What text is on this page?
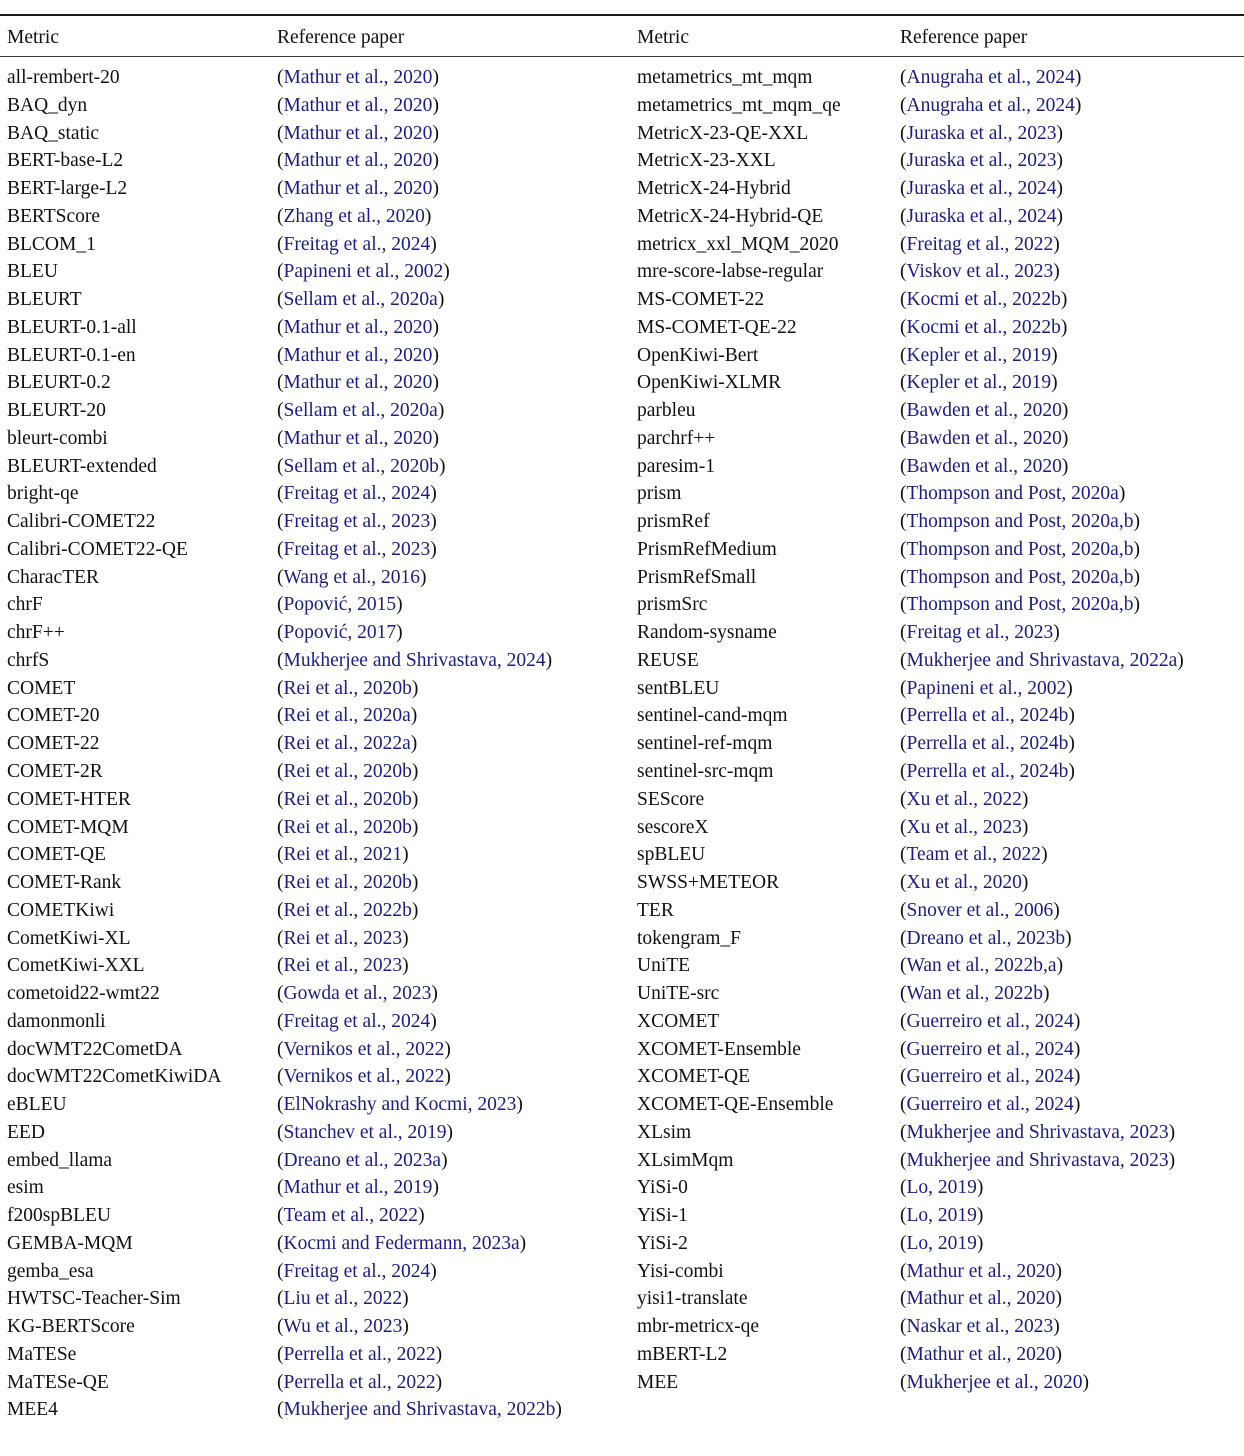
Metric	Reference paper	Metric	Reference paper
all-rembert-20	(Mathur et al., 2020)	metametrics_mt_mqm	(Anugraha et al., 2024)
BAQ_dyn	(Mathur et al., 2020)	metametrics_mt_mqm_qe	(Anugraha et al., 2024)
BAQ_static	(Mathur et al., 2020)	MetricX-23-QE-XXL	(Juraska et al., 2023)
BERT-base-L2	(Mathur et al., 2020)	MetricX-23-XXL	(Juraska et al., 2023)
BERT-large-L2	(Mathur et al., 2020)	MetricX-24-Hybrid	(Juraska et al., 2024)
BERTScore	(Zhang et al., 2020)	MetricX-24-Hybrid-QE	(Juraska et al., 2024)
BLCOM_1	(Freitag et al., 2024)	metricx_xxl_MQM_2020	(Freitag et al., 2022)
BLEU	(Papineni et al., 2002)	mre-score-labse-regular	(Viskov et al., 2023)
BLEURT	(Sellam et al., 2020a)	MS-COMET-22	(Kocmi et al., 2022b)
BLEURT-0.1-all	(Mathur et al., 2020)	MS-COMET-QE-22	(Kocmi et al., 2022b)
BLEURT-0.1-en	(Mathur et al., 2020)	OpenKiwi-Bert	(Kepler et al., 2019)
BLEURT-0.2	(Mathur et al., 2020)	OpenKiwi-XLMR	(Kepler et al., 2019)
BLEURT-20	(Sellam et al., 2020a)	parbleu	(Bawden et al., 2020)
bleurt-combi	(Mathur et al., 2020)	parchrf++	(Bawden et al., 2020)
BLEURT-extended	(Sellam et al., 2020b)	paresim-1	(Bawden et al., 2020)
bright-qe	(Freitag et al., 2024)	prism	(Thompson and Post, 2020a)
Calibri-COMET22	(Freitag et al., 2023)	prismRef	(Thompson and Post, 2020a,b)
Calibri-COMET22-QE	(Freitag et al., 2023)	PrismRefMedium	(Thompson and Post, 2020a,b)
CharacTER	(Wang et al., 2016)	PrismRefSmall	(Thompson and Post, 2020a,b)
chrF	(Popović, 2015)	prismSrc	(Thompson and Post, 2020a,b)
chrF++	(Popović, 2017)	Random-sysname	(Freitag et al., 2023)
chrfS	(Mukherjee and Shrivastava, 2024)	REUSE	(Mukherjee and Shrivastava, 2022a)
COMET	(Rei et al., 2020b)	sentBLEU	(Papineni et al., 2002)
COMET-20	(Rei et al., 2020a)	sentinel-cand-mqm	(Perrella et al., 2024b)
COMET-22	(Rei et al., 2022a)	sentinel-ref-mqm	(Perrella et al., 2024b)
COMET-2R	(Rei et al., 2020b)	sentinel-src-mqm	(Perrella et al., 2024b)
COMET-HTER	(Rei et al., 2020b)	SEScore	(Xu et al., 2022)
COMET-MQM	(Rei et al., 2020b)	sescoreX	(Xu et al., 2023)
COMET-QE	(Rei et al., 2021)	spBLEU	(Team et al., 2022)
COMET-Rank	(Rei et al., 2020b)	SWSS+METEOR	(Xu et al., 2020)
COMETKiwi	(Rei et al., 2022b)	TER	(Snover et al., 2006)
CometKiwi-XL	(Rei et al., 2023)	tokengram_F	(Dreano et al., 2023b)
CometKiwi-XXL	(Rei et al., 2023)	UniTE	(Wan et al., 2022b,a)
cometoid22-wmt22	(Gowda et al., 2023)	UniTE-src	(Wan et al., 2022b)
damonmonli	(Freitag et al., 2024)	XCOMET	(Guerreiro et al., 2024)
docWMT22CometDA	(Vernikos et al., 2022)	XCOMET-Ensemble	(Guerreiro et al., 2024)
docWMT22CometKiwiDA	(Vernikos et al., 2022)	XCOMET-QE	(Guerreiro et al., 2024)
eBLEU	(ElNokrashy and Kocmi, 2023)	XCOMET-QE-Ensemble	(Guerreiro et al., 2024)
EED	(Stanchev et al., 2019)	XLsim	(Mukherjee and Shrivastava, 2023)
embed_llama	(Dreano et al., 2023a)	XLsimMqm	(Mukherjee and Shrivastava, 2023)
esim	(Mathur et al., 2019)	YiSi-0	(Lo, 2019)
f200spBLEU	(Team et al., 2022)	YiSi-1	(Lo, 2019)
GEMBA-MQM	(Kocmi and Federmann, 2023a)	YiSi-2	(Lo, 2019)
gemba_esa	(Freitag et al., 2024)	Yisi-combi	(Mathur et al., 2020)
HWTSC-Teacher-Sim	(Liu et al., 2022)	yisi1-translate	(Mathur et al., 2020)
KG-BERTScore	(Wu et al., 2023)	mbr-metricx-qe	(Naskar et al., 2023)
MaTESe	(Perrella et al., 2022)	mBERT-L2	(Mathur et al., 2020)
MaTESe-QE	(Perrella et al., 2022)	MEE	(Mukherjee et al., 2020)
MEE4	(Mukherjee and Shrivastava, 2022b)
